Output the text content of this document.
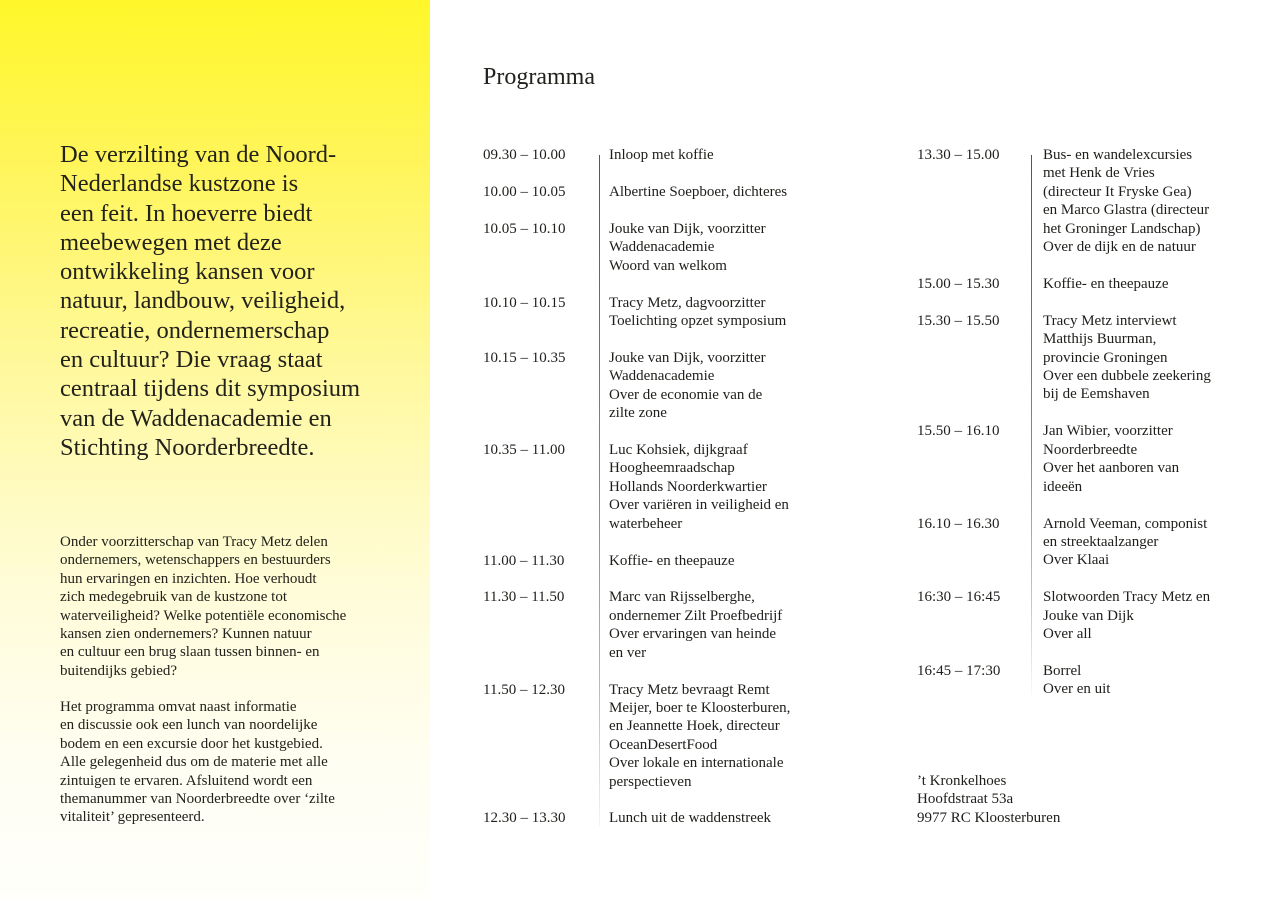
De verzilting van de Noord-
Nederlandse kustzone is
een feit. In hoeverre biedt
meebewegen met deze
ontwikkeling kansen voor
natuur, landbouw, veiligheid,
recreatie, ondernemerschap
en cultuur? Die vraag staat
centraal tijdens dit symposium
van de Waddenacademie en
Stichting Noorderbreedte.

Onder voorzitterschap van Tracy Metz delen
ondernemers, wetenschappers en bestuurders
hun ervaringen en inzichten. Hoe verhoudt
zich medegebruik van de kustzone tot
waterveiligheid? Welke potentiële economische
kansen zien ondernemers? Kunnen natuur
en cultuur een brug slaan tussen binnen- en
buitendijks gebied?

Het programma omvat naast informatie
en discussie ook een lunch van noordelijke
bodem en een excursie door het kustgebied.
Alle gelegenheid dus om de materie met alle
zintuigen te ervaren. Afsluitend wordt een
themanummer van Noorderbreedte over ‘zilte
vitaliteit’ gepresenteerd.

Programma
09.30 – 10.00	Inloop met koffie
10.00 – 10.05	Albertine Soepboer, dichteres
10.05 – 10.10	Jouke van Dijk, voorzitter
Waddenacademie
Woord van welkom
10.10 – 10.15	Tracy Metz, dagvoorzitter
Toelichting opzet symposium
10.15 – 10.35	Jouke van Dijk, voorzitter
Waddenacademie
Over de economie van de
zilte zone
10.35 – 11.00	Luc Kohsiek, dijkgraaf
Hoogheemraadschap
Hollands Noorderkwartier
Over variëren in veiligheid en
waterbeheer
11.00 – 11.30	Koffie- en theepauze
11.30 – 11.50	Marc van Rijsselberghe,
ondernemer Zilt Proefbedrijf
Over ervaringen van heinde
en ver
11.50 – 12.30	Tracy Metz bevraagt Remt
Meijer, boer te Kloosterburen,
en Jeannette Hoek, directeur
OceanDesertFood
Over lokale en internationale
perspectieven
12.30 – 13.30	Lunch uit de waddenstreek
13.30 – 15.00	Bus- en wandelexcursies
met Henk de Vries
(directeur It Fryske Gea)
en Marco Glastra (directeur
het Groninger Landschap)
Over de dijk en de natuur
15.00 – 15.30	Koffie- en theepauze
15.30 – 15.50	Tracy Metz interviewt
Matthijs Buurman,
provincie Groningen
Over een dubbele zeekering
bij de Eemshaven
15.50 – 16.10	Jan Wibier, voorzitter
Noorderbreedte
Over het aanboren van
ideeën
16.10 – 16.30	Arnold Veeman, componist
en streektaalzanger
Over Klaai
16:30 – 16:45	Slotwoorden Tracy Metz en
Jouke van Dijk
Over all
16:45 – 17:30	Borrel
Over en uit
’t Kronkelhoes
Hoofdstraat 53a
9977 RC Kloosterburen
